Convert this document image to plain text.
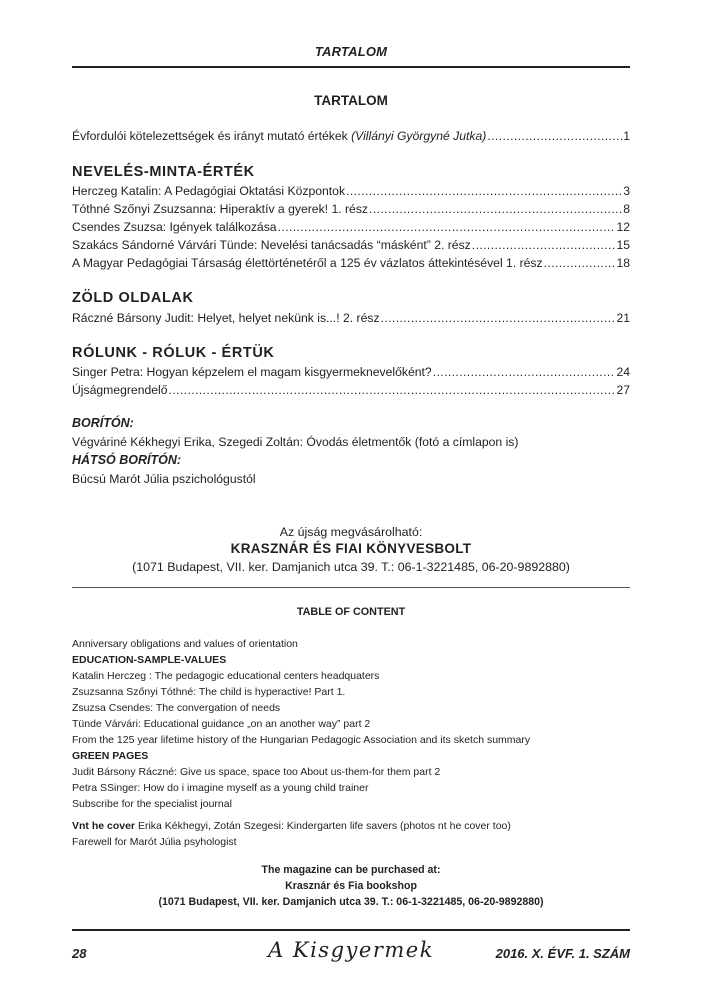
TARTALOM
TARTALOM
Évfordulói kötelezettségek és irányt mutató értékek (Villányi Györgyné Jutka) .....	1
NEVELÉS-MINTA-ÉRTÉK
Herczeg Katalin: A Pedagógiai Oktatási Központok .....	3
Tóthné Szőnyi Zsuzsanna: Hiperaktív a gyerek! 1. rész .....	8
Csendes Zsuzsa: Igények találkozása .....	12
Szakács Sándorné Várvári Tünde: Nevelési tanácsadás “másként” 2. rész .....	15
A Magyar Pedagógiai Társaság élettörténetéről a 125 év vázlatos áttekintésével 1. rész .....	18
ZÖLD OLDALAK
Ráczné Bársony Judit: Helyet, helyet nekünk is...! 2. rész .....	21
RÓLUNK - RÓLUK - ÉRTÜK
Singer Petra: Hogyan képzelem el magam kisgyermeknevelőként? .....	24
Újságmegrendelő .....	27
BORÍTÓN:
Végváriné Kékhegyi Erika, Szegedi Zoltán: Óvodás életmentők (fotó a címlapon is)
HÁTSÓ BORÍTÓN:
Búcsú Marót Júlia pszichológustól
Az újság megvásárolható:
KRASZNÁR ÉS FIAI KÖNYVESBOLT
(1071 Budapest, VII. ker. Damjanich utca 39. T.: 06-1-3221485, 06-20-9892880)
TABLE OF CONTENT
Anniversary obligations and values of orientation
EDUCATION-SAMPLE-VALUES
Katalin Herczeg : The pedagogic educational centers headquaters
Zsuzsanna Szőnyi Tóthné: The child is hyperactive! Part 1.
Zsuzsa Csendes: The convergation of needs
Tünde Várvári: Educational guidance „on an another way” part 2
From the 125 year lifetime history of the Hungarian Pedagogic Association and its sketch summary
GREEN PAGES
Judit Bársony Ráczné: Give us space, space too About us-them-for them part 2
Petra SSinger: How do i imagine myself as a young child trainer
Subscribe for the specialist journal
Vnt he cover Erika Kékhegyi, Zotán Szegesi: Kindergarten life savers (photos nt he cover too)
Farewell for Marót Júlia psyhologist
The magazine can be purchased at:
Krasznár és Fia bookshop
(1071 Budapest, VII. ker. Damjanich utca 39. T.: 06-1-3221485, 06-20-9892880)
28	A Kisgyermek	2016. X. ÉVF. 1. SZÁM
